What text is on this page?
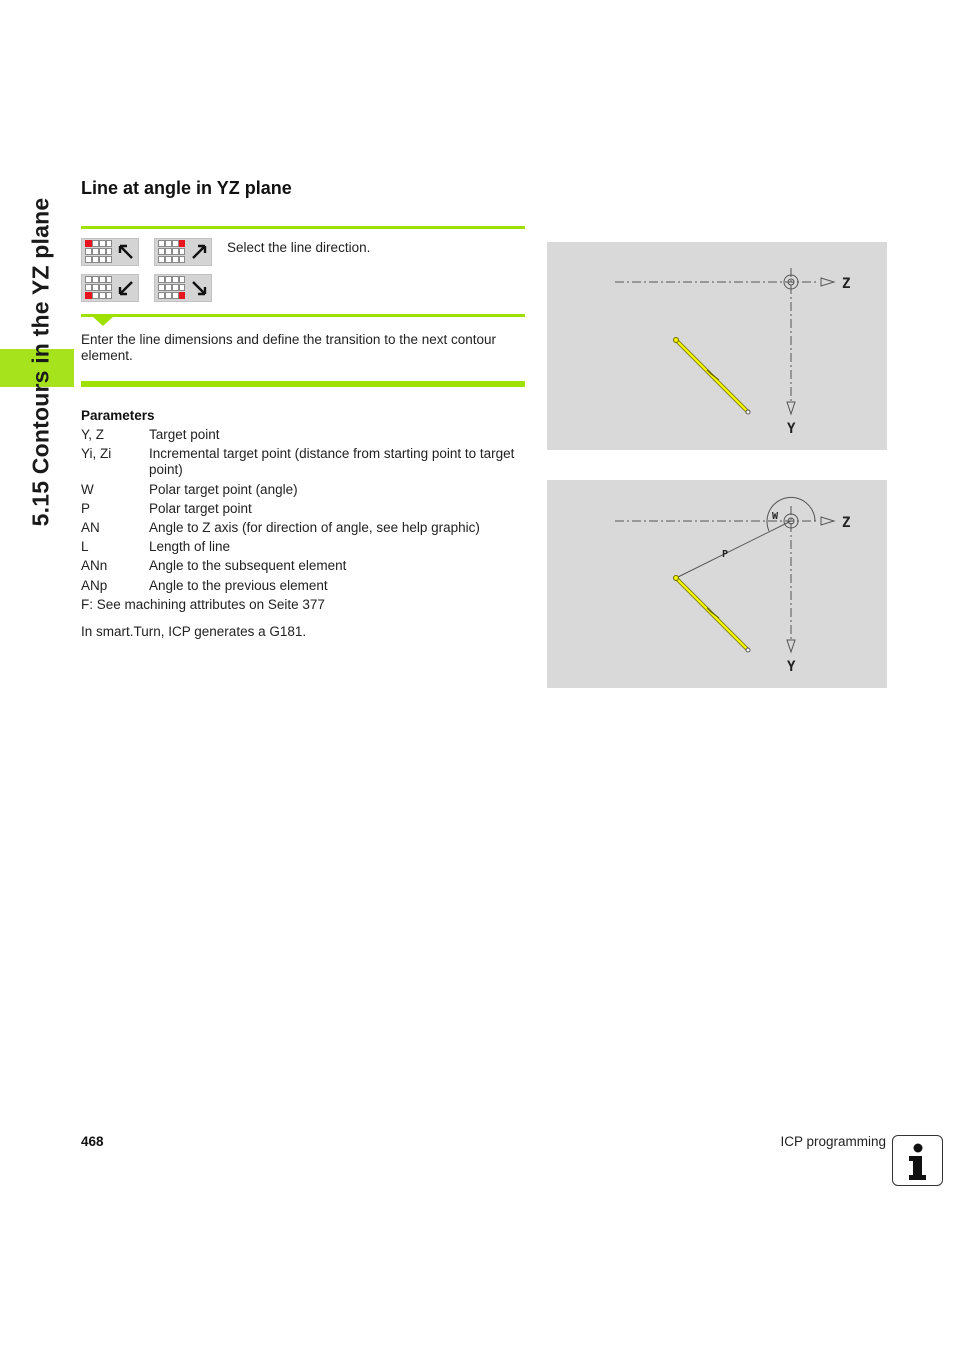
5.15 Contours in the YZ plane
Line at angle in YZ plane
Select the line direction.
Enter the line dimensions and define the transition to the next contour element.
Parameters
Y, Z	Target point
Yi, Zi	Incremental target point (distance from starting point to target point)
W	Polar target point (angle)
P	Polar target point
AN	Angle to Z axis (for direction of angle, see help graphic)
L	Length of line
ANn	Angle to the subsequent element
ANp	Angle to the previous element
F: See machining attributes on Seite 377
In smart.Turn, ICP generates a G181.
Z
Y
W
P
Z
Y
468	ICP programming
